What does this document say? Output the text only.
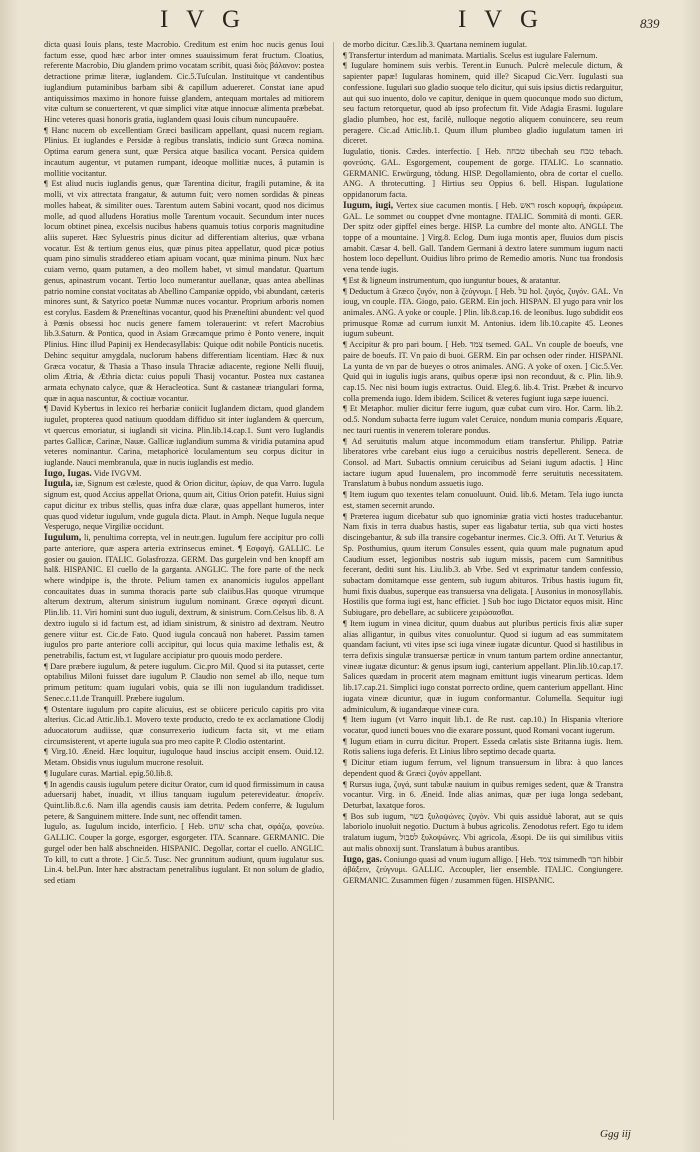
I V G	I V G	839

dicta quasi Iouis plans, teste Macrobio. Creditum est enim hoc nucis genus Ioui factum esse, quod hæc arbor inter omnes suauissimum ferat fructum. Cloatius, referente Macrobio, Diu glandem primo vocatam scribit, quasi διὸς βάλανον: postea detractione primæ literæ, iuglandem. Cic.5.Tuſculan. Instituitque vt candentibus iuglandium putaminibus barbam sibi & capillum aduereret. Constat iane apud antiquissimos maximo in honore fuisse glandem, antequam mortales ad mitiorem vitæ cultum se conuerterent, vt quæ simplici vitæ atque innocuæ alimenta præbebat. Hinc veteres quasi honoris gratia, iuglandem quasi Iouis cibum nuncupauêre.

¶ Hanc nucem ob excellentiam Græci basilicam appellant, quasi nucem regiam. Plinius. Et iuglandes e Persidæ à regibus translatis, indicio sunt Græca nomina. Optima earum genera sunt, quæ Persica atque basilica vocant. Persica quidem incautum augentur, vt putamen rumpant, ideoque mollitiæ nuces, â putamin is mollitie vocitantur.

¶ Est aliud nucis iuglandis genus, quæ Tarentina dicitur, fragili putamine, & ita molli, vt vix attrectata frangatur, & autumn fuit; vero nomen sordidas & pineas molles habeat, & similiter oues. Tarentum autem Sabini vocant, quod nos dicimus molle, ad quod alludens Horatius molle Tarentum vocauit. Secundum inter nuces locum obtinet pinea, excelsis nucibus habens quamuis totius corporis magnitudine aliis superet. Hæc Syluestris pinus dicitur ad differentiam alterius, quæ vrbana vocatur. Est & tertium genus eius, quæ pinus pitea appellatur, quod picæ potius quam pino simulis straddereo etiam apiuam vocant, quæ minima pinum. Nux hæc cuiam verno, quam putamen, a deo mollem habet, vt simul mandatur. Quartum genus, apinastrum vocant. Tertio loco numerantur auellanæ, quas antea abellinas patrio nomine constat vocitatas ab Abellino Campaniæ oppido, vbi abundant, cæteris minores sunt, & Satyrico poetæ Nummæ nuces vocantur. Proprium arboris nomen est corylus. Easdem & Præneſtinas vocantur, quod his Præneſtini abundent: vel quod à Pœnis obsessi hoc nucis genere famem tolerauerint: vt refert Macrobius lib.3.Saturn. & Pontica, quod in Asiam Græcamque primo è Ponto venere, inquit Plinius. Hinc illud Papinij ex Hendecasyllabis: Quique odit nobile Ponticis nucetis. Dehinc sequitur amygdala, nuclorum habens differentiam licentiam. Hæc & nux Græca vocatur, & Thasia a Thaso insula Thraciæ adiacente, regione Nelli fluuij, olim Ætria, & Æthria dicta: cuius populi Thasij vocantur. Postea nux castanea armata echynato calyce, quæ & Heracleotica. Sunt & castaneæ triangulari forma, quæ in aqua nascuntur, & coctiuæ vocantur.

¶ David Kybertus in lexico rei herbariæ coniicit Iuglandem dictam, quod glandem iugulet, propterea quod natiuum quoddam diffiduo sit inter iuglandem & quercum, vt quercus emoriatur, si iuglandi sit vicina. Plin.lib.14.cap.1. Sunt vero Iuglandis partes Gallicæ, Carinæ, Nauæ. Gallicæ iuglandium summa & viridia putamina apud veteres nominantur. Carina, metaphoricè loculamentum seu corpus dicitur in iuglande. Nauci membranula, quæ in nucis iuglandis est medio.

Iugo, Iugas. Vide IVGVM.

Iugula, iæ, Signum est cæleste, quod & Orion dicitur, ὠρίων, de qua Varro. Iugula signum est, quod Accius appellat Oriona, quum ait, Citius Orion patefit. Huius signi caput dicitur ex tribus stellis, quas infra duæ claræ, quas appellant humeros, inter quas quod videtur iugulum, vnde gugula dicta. Plaut. in Amph. Neque Iugula neque Vesperugo, neque Virgiliæ occidunt.

Iugulum, li, penultima correpta, vel in neutr.gen. Iugulum fere accipitur pro colli parte anteriore, quæ aspera arteria extrinsecus eminet. ¶ Εσφαγή. GALLIC. Le gosier ou gauion. ITALIC. Golasfrozza. GERM. Das gurgelein vnd ben knopff am halß. HISPANIC. El cuello de la garganta. ANGLIC. The fore parte of the neck where windpipe is, the throte. Pelium tamen ex ananomicis iugulos appellant concauitates duas in summa thoracis parte sub claiibus.Has quoque vtrumque alterum dextrum, alterum sinistrum iugulum nominant. Græce σφαγαὶ dicunt. Plin.lib. 11. Viri homini sunt duo iuguli, dextrum, & sinistrum. Corn.Celsus lib. 8. A dextro iugulo si id factum est, ad idiam sinistrum, & sinistro ad dextram. Neutro genere viitur est. Cic.de Fato. Quod iugula concauâ non haberet. Passim tamen iugulos pro parte anteriore colli accipitur, qui locus quia maxime lethalis est, & penetrabilis, factum est, vt Iugulare accipiatur pro quouis modo perdere.

¶ Dare præbere iugulum, & petere iugulum. Cic.pro Mil. Quod si ita putasset, certe optabilius Miloni fuisset dare iugulum P. Claudio non semel ab illo, neque tum primum petitum: quam iugulari vobis, quia se illi non iugulandum tradidisset. Senec.c.11.de Tranquill. Præbere iugulum.

¶ Ostentare iugulum pro capite alicuius, est se obiicere periculo capitis pro vita alterius. Cic.ad Attic.lib.1. Movero texte producto, credo te ex acclamatione Clodij aduocatorum audiisse, quæ consurrexerio iudicum facta sit, vt me etiam circumsisterent, vt aperte iugula sua pro meo capite P. Clodio ostentarint.

¶ Virg.10. Æneid. Hæc loquitur, iuguloque haud inscius accipit ensem. Ouid.12. Metam. Obsidis vnus iugulum mucrone resoluit.

¶ Iugulare curas. Martial. epig.50.lib.8.

¶ In agendis causis iugulum petere dicitur Orator, cum id quod firmissimum in causa aduersarij habet, inuadit, vt illius tanquam iugulum peterevideatur. ἀπορεῖν. Quint.lib.8.c.6. Nam illa agendis causis iam detrita. Pedem conferre, & Iugulum petere, & Sanguinem mittere. Inde sunt, nec offendit tamen.

Iugulo, as. Iugulum incido, interficio. [ Heb. שחט scha chat, σφάζω, φονεύω. GALLIC. Couper la gorge, esgorger, esgorgeter. ITA. Scannare. GERMANIC. Die gurgel oder ben halß abschneiden. HISPANIC. Degollar, cortar el cuello. ANGLIC. To kill, to cutt a throte. ] Cic.5. Tusc. Nec grunnitum audiunt, quum iugulatur sus. Lin.4. bel.Pun. Inter hæc abstractam penetralibus iugulant. Et non solum de gladio, sed etiam

de morbo dicitur. Cæs.lib.3. Quartana neminem iugulat.

¶ Transfertur interdum ad manimata. Martialis. Scelus est iugulare Falernum.

¶ Iugulare hominem suis verbis. Terent.in Eunuch. Pulcrè melecule dictum, & sapienter papæ! Iugularas hominem, quid ille? Sicapud Cic.Verr. Iugulasti sua confessione. Iugulari suo gladio suoque telo dicitur, qui suis ipsius dictis redarguitur, aut qui suo inuento, dolo ve capitur, denique in quem quocunque modo suo dictum, seu factum retorquetur, quod ab ipso profectum fit. Vide Adagia Erasmi. Iugulare gladio plumbeo, hoc est, facilè, nulloque negotio aliquem conuincere, seu reum peragere. Cic.ad Attic.lib.1. Quum illum plumbeo gladio iugulatum tamen iri diceret.

Iugulatio, tionis. Cædes. interfectio. [ Heb. טבחה tibechah seu טבח tebach. φονεύσις. GAL. Esgorgement, coupement de gorge. ITALIC. Lo scannatio. GERMANIC. Erwürgung, tödung. HISP. Degollamiento, obra de cortar el cuello. ANG. A throtecutting. ] Hirtius seu Oppius 6. bell. Hispan. Iugulatione oppidanorum facta.

Iugum, iugi, Vertex siue cacumen montis. [ Heb. ראש rosch κορυφή, ἀκρώρεια. GAL. Le sommet ou couppet d'vne montagne. ITALIC. Sommità di monti. GER. Der spitz oder gipffel eines berge. HISP. La cumbre del monte alto. ANGLI. The toppe of a mountaine. ] Virg.8. Eclog. Dum iuga montis aper, fluuios dum piscis amabit. Cæsar 4. bell. Gall. Tandem Germani à dextro latere summum iugum nacti hostem loco depellunt. Ouidius libro primo de Remedio amoris. Nunc tua frondosis vena tende iugis.

¶ Est & ligneum instrumentum, quo iunguntur boues, & aratantur.

¶ Deductum à Græco ζυγόν, non à ζεύγνυμι. [ Heb. על hol. ζυγός, ζυγόν. GAL. Vn ioug, vn couple. ITA. Giogo, paio. GERM. Ein joch. HISPAN. El yugo para vnir los animales. ANG. A yoke or couple. ] Plin. lib.8.cap.16. de leonibus. Iugo subdidit eos primusque Romæ ad currum iunxit M. Antonius. idem lib.10.capite 45. Leones iugum subeunt.

¶ Accipitur & pro pari boum. [ Heb. צמד tsemed. GAL. Vn couple de boeufs, vne paire de boeufs. IT. Vn paio di buoi. GERM. Ein par ochsen oder rinder. HISPANI. La yunta de vn par de bueyes o otros animales. ANG. A yoke of oxen. ] Cic.5.Ver. Quid qui in iugulis iugis arans, quibus operæ ipsi non reconduut, & c. Plin. lib.9. cap.15. Nec nisi boum iugis extractus. Ouid. Eleg.6. lib.4. Trist. Præbet & incurvo colla premenda iugo. Idem ibidem. Scilicet & veteres fugiunt iuga sæpe iuuenci.

¶ Et Metaphor. mulier dicitur ferre iugum, quæ cubat cum viro. Hor. Carm. lib.2. od.5. Nondum subacta ferre iugum valet Ceruice, nondum munia comparis Æquare, nec tauri ruentis in venerem tolerare pondus.

¶ Ad seruitutis malum atque incommodum etiam transfertur. Philipp. Patriæ liberatores vrbe carebant eius iugo a ceruicibus nostris depellerent. Seneca. de Consol. ad Mart. Subactis omnium ceruicibus ad Seiani iugum adactis. ] Hinc iactare iugum apud Iuuenalem, pro incommodè ferre seruitutis necessitatem. Translatum à bubus nondum assuetis iugo.

¶ Item iugum quo texentes telam conuoluunt. Ouid. lib.6. Metam. Tela iugo iuncta est, stamen secernit arundo.

¶ Præterea iugum dicebatur sub quo ignominiæ gratia victi hostes traducebantur. Nam fixis in terra duabus hastis, super eas ligabatur tertia, sub qua victi hostes discingebantur, & sub illa transire cogebantur inermes. Cic.3. Offi. At T. Veturius & Sp. Posthumius, quum iterum Consules essent, quia quum male pugnatum apud Caudium esset, legionibus nostris sub iugum missis, pacem cum Samnitibus fecerant, dediti sunt his. Liu.lib.3. ab Vrbe. Sed vt exprimatur tandem confessio, subactam domitamque esse gentem, sub iugum abituros. Tribus hastis iugum fit, humi fixis duabus, superque eas transuersa vna deligata. [ Ausonius in monosyllabis. Hostilis que forma iugi est, hanc efficiet. ] Sub hoc iugo Dictator equos misit. Hinc Subiugare, pro debellare, ac subiicere χειρώσασθαι.

¶ Item iugum in vinea dicitur, quum duabus aut pluribus perticis fixis aliæ super alias alligantur, in quibus vites conuoluntur. Quod si iugum ad eas summitatem quandam faciunt, vti vites ipse sci iuga vineæ iugatæ dicuntur. Quod si hastilibus in terra defixis singulæ transuersæ perticæ in vnum tantum partem ordine annectantur, vineæ iugatæ dicuntur: & genus ipsum iugi, canterium appellant. Plin.lib.10.cap.17. Salices quædam in procerit atem magnam emittunt iugis vinearum perticas. Idem lib.17.cap.21. Simplici iugo constat porrecto ordine, quem canterium appellant. Hinc iugata vineæ dicuntur, quæ in iugum conformantur. Columella. Sequitur iugi adminiculum, & iugandæque vineæ cura.

¶ Item iugum (vt Varro inquit lib.1. de Re rust. cap.10.) In Hispania vlteriore vocatur, quod iuncti boues vno die exarare possunt, quod Romani vocant iugerum.

¶ Iugum etiam in curru dicitur. Propert. Esseda cælatis siste Britanna iugis. Item. Rotis saliens iuga deferis. Et Linius libro septimo decade quarta.

¶ Dicitur etiam iugum ferrum, vel lignum transuersum in libra: à quo lances dependent quod & Græci ζυγόν appellant.

¶ Rursus iuga, ζυγά, sunt tabulæ nauium in quibus remiges sedent, quæ & Transtra vocantur. Virg. in 6. Æneid. Inde alias animas, quæ per iuga longa sedebant, Deturbat, laxatque foros.

¶ Bos sub iugum, בשר ξυλοψώνες ζυγόν. Vbi quis assiduè laborat, aut se quis laboriolo inuoluit negotio. Ductum à bubus agricolis. Zenodotus refert. Ego tu idem tralatum iugum, לסבול ξυλοψώνες. Vbi agricola, Æsopi. De iis qui similibus vitiis aut malis obnoxij sunt. Translatum à bubus arantibus.

Iugo, gas. Coniungo quasi ad vnum iugum alligo. [ Heb. צמד tsimmedh חבר hibbir ἀβάξειν, ζεύγνυμι. GALLIC. Accoupler, lier ensemble. ITALIC. Congiungere. GERMANIC. Zusammen fügen / zusammen fügen. HISPANIC.

Ggg iij
